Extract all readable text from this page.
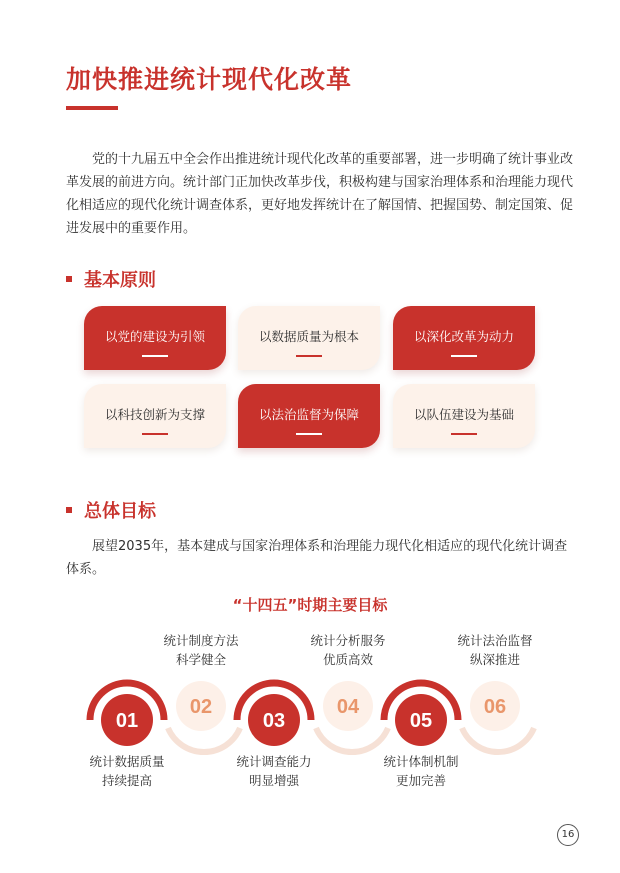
加快推进统计现代化改革

党的十九届五中全会作出推进统计现代化改革的重要部署，进一步明确了统计事业改革发展的前进方向。统计部门正加快改革步伐，积极构建与国家治理体系和治理能力现代化相适应的现代化统计调查体系，更好地发挥统计在了解国情、把握国势、制定国策、促进发展中的重要作用。

基本原则
以党的建设为引领	以数据质量为根本	以深化改革为动力
以科技创新为支撑	以法治监督为保障	以队伍建设为基础
总体目标

展望2035年，基本建成与国家治理体系和治理能力现代化相适应的现代化统计调查体系。

“十四五”时期主要目标
02	04	06
01	03	05
统计制度方法
科学健全
统计分析服务
优质高效
统计法治监督
纵深推进
统计数据质量
持续提高
统计调查能力
明显增强
统计体制机制
更加完善
16
